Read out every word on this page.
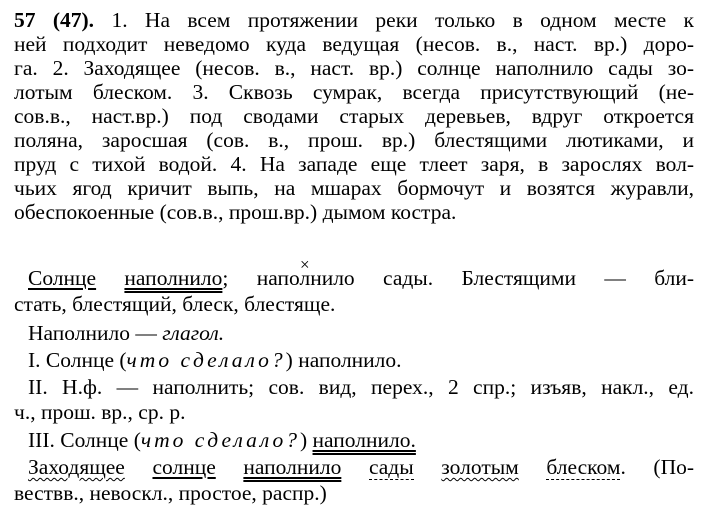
57 (47). 1. На всем протяжении реки только в одном месте к
ней подходит неведомо куда ведущая (несов. в., наст. вр.) доро-
га. 2. Заходящее (несов. в., наст. вр.) солнце наполнило сады зо-
лотым блеском. 3. Сквозь сумрак, всегда присутствующий (не-
сов.в., наст.вр.) под сводами старых деревьев, вдруг откроется
поляна, заросшая (сов. в., прош. вр.) блестящими лютиками, и
пруд с тихой водой. 4. На западе еще тлеет заря, в зарослях вол-
чьих ягод кричит выпь, на мшарах бормочут и возятся журавли,
обеспокоенные (сов.в., прош.вр.) дымом костра.
Солнце наполнило; напол ×нило сады. Блестящими — бли-
стать, блестящий, блеск, блестяще.
Наполнило — глагол.
I. Солнце (что сделало?) наполнило.
II. Н.ф. — наполнить; сов. вид, перех., 2 спр.; изъяв, накл., ед.
ч., прош. вр., ср. р.
III. Солнце (что сделало?) наполнило.
Заходящее солнце наполнило сады золотым блеском. (По-
вествв., невоскл., простое, распр.)
